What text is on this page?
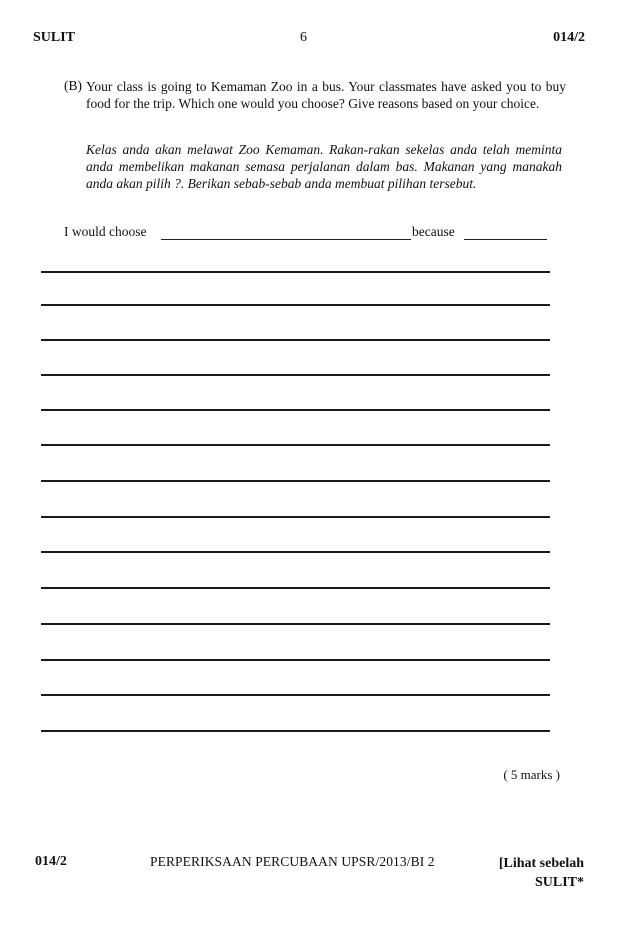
SULIT	6	014/2
(B) Your class is going to Kemaman Zoo in a bus. Your classmates have asked you to buy food for the trip. Which one would you choose? Give reasons based on your choice.
Kelas anda akan melawat Zoo Kemaman. Rakan-rakan sekelas anda telah meminta anda membelikan makanan semasa perjalanan dalam bas. Makanan yang manakah anda akan pilih ?. Berikan sebab-sebab anda membuat pilihan tersebut.
I would choose	because
( 5 marks )
014/2	PERPERIKSAAN PERCUBAAN UPSR/2013/BI 2	[Lihat sebelah
SULIT*
